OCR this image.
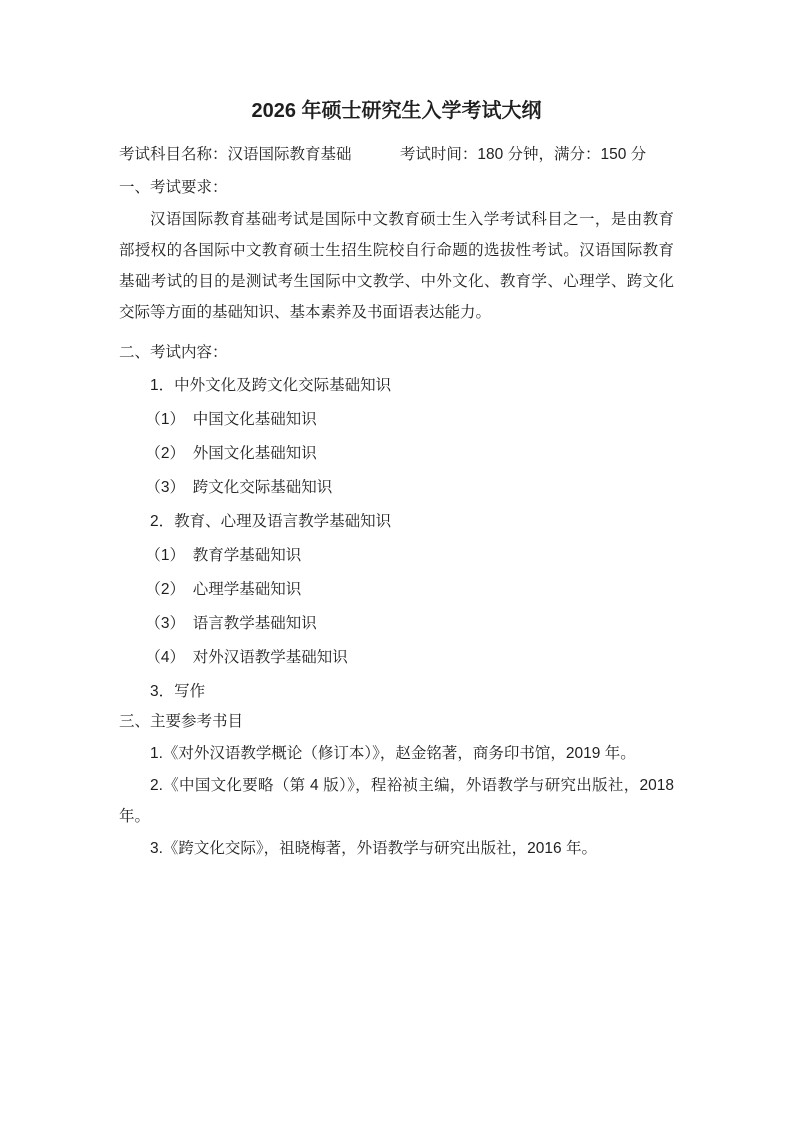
2026 年硕士研究生入学考试大纲
考试科目名称：汉语国际教育基础	考试时间：180 分钟，满分：150 分
一、考试要求：

汉语国际教育基础考试是国际中文教育硕士生入学考试科目之一，是由教育部授权的各国际中文教育硕士生招生院校自行命题的选拔性考试。汉语国际教育基础考试的目的是测试考生国际中文教学、中外文化、教育学、心理学、跨文化交际等方面的基础知识、基本素养及书面语表达能力。

二、考试内容：
1．中外文化及跨文化交际基础知识
（1）　中国文化基础知识
（2）　外国文化基础知识
（3）　跨文化交际基础知识
2．教育、心理及语言教学基础知识
（1）　教育学基础知识
（2）　心理学基础知识
（3）　语言教学基础知识
（4）　对外汉语教学基础知识
3．写作
三、主要参考书目

1.《对外汉语教学概论（修订本）》，赵金铭著，商务印书馆，2019 年。

2.《中国文化要略（第 4 版）》，程裕祯主编，外语教学与研究出版社，2018 年。

3.《跨文化交际》，祖晓梅著，外语教学与研究出版社，2016 年。
